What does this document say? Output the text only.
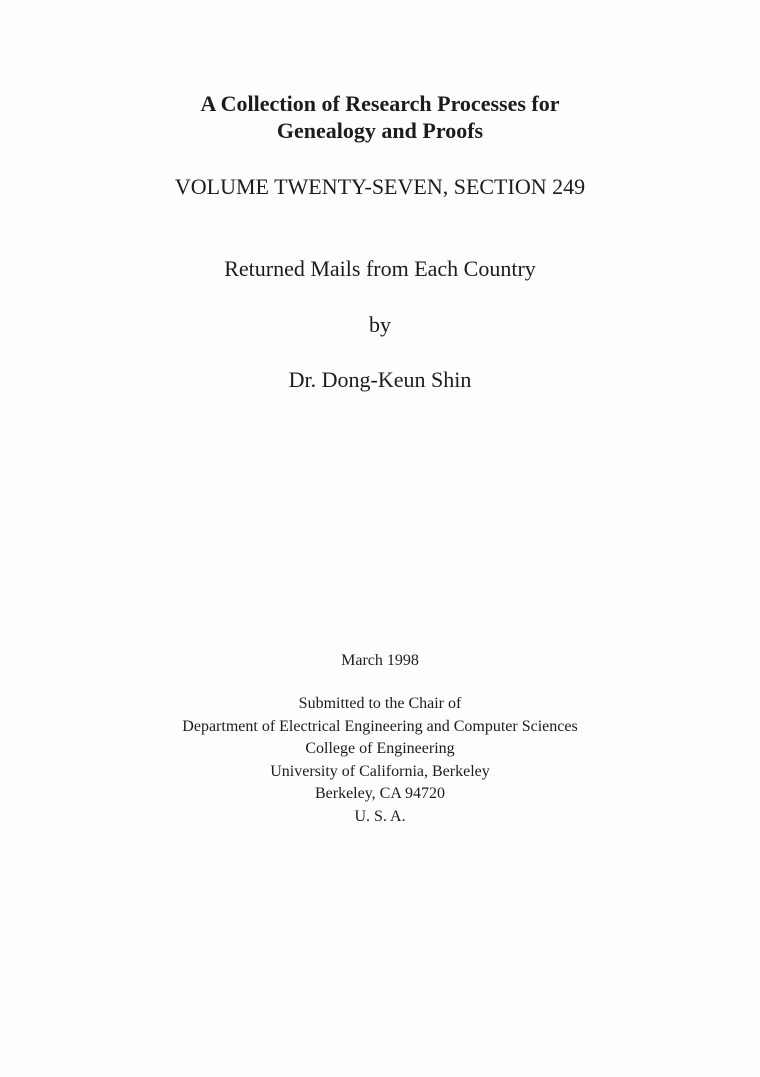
A Collection of Research Processes for
Genealogy and Proofs
VOLUME TWENTY-SEVEN, SECTION 249
Returned Mails from Each Country
by
Dr. Dong-Keun Shin
March 1998
Submitted to the Chair of
Department of Electrical Engineering and Computer Sciences
College of Engineering
University of California, Berkeley
Berkeley, CA 94720
U. S. A.
